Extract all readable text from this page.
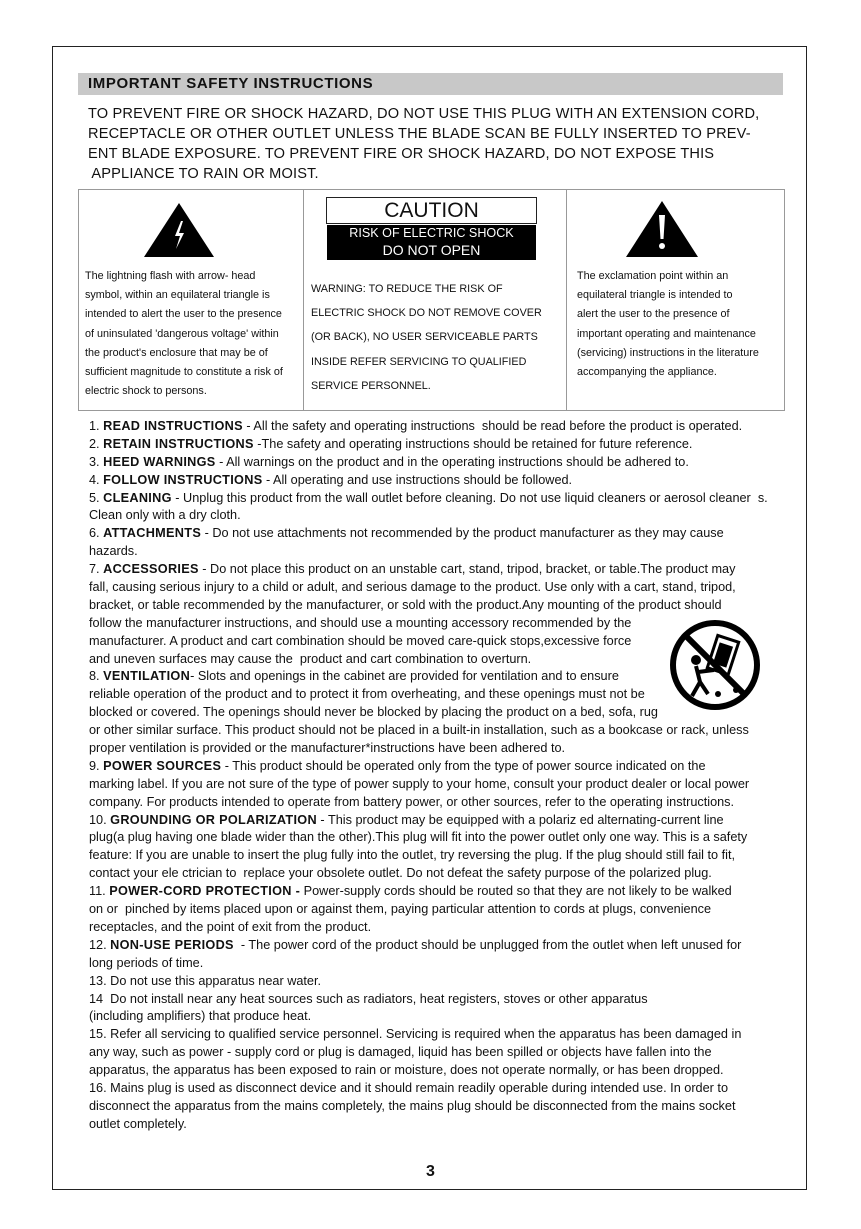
IMPORTANT SAFETY INSTRUCTIONS
TO PREVENT FIRE OR SHOCK HAZARD, DO NOT USE THIS PLUG WITH AN EXTENSION CORD,
RECEPTACLE OR OTHER OUTLET UNLESS THE BLADE SCAN BE FULLY INSERTED TO PREV-
ENT BLADE EXPOSURE. TO PREVENT FIRE OR SHOCK HAZARD, DO NOT EXPOSE THIS
APPLIANCE TO RAIN OR MOIST.
The lightning flash with arrow- head
symbol, within an equilateral triangle is
intended to alert the user to the presence
of uninsulated 'dangerous voltage' within
the product's enclosure that may be of
sufficient magnitude to constitute a risk of
electric shock to persons.
CAUTION
RISK OF ELECTRIC SHOCK
DO NOT OPEN
WARNING: TO REDUCE THE RISK OF
ELECTRIC SHOCK DO NOT REMOVE COVER
(OR BACK), NO USER SERVICEABLE PARTS
INSIDE REFER SERVICING TO QUALIFIED
SERVICE PERSONNEL.
The exclamation point within an
equilateral triangle is intended to
alert the user to the presence of
important operating and maintenance
(servicing) instructions in the literature
accompanying the appliance.
1. READ INSTRUCTIONS - All the safety and operating instructions  should be read before the product is operated.
2. RETAIN INSTRUCTIONS -The safety and operating instructions should be retained for future reference.
3. HEED WARNINGS - All warnings on the product and in the operating instructions should be adhered to.
4. FOLLOW INSTRUCTIONS - All operating and use instructions should be followed.
5. CLEANING - Unplug this product from the wall outlet before cleaning. Do not use liquid cleaners or aerosol cleaner  s.
Clean only with a dry cloth.
6. ATTACHMENTS - Do not use attachments not recommended by the product manufacturer as they may cause
hazards.
7. ACCESSORIES - Do not place this product on an unstable cart, stand, tripod, bracket, or table.The product may
fall, causing serious injury to a child or adult, and serious damage to the product. Use only with a cart, stand, tripod,
bracket, or table recommended by the manufacturer, or sold with the product.Any mounting of the product should
follow the manufacturer instructions, and should use a mounting accessory recommended by the
manufacturer. A product and cart combination should be moved care-quick stops,excessive force
and uneven surfaces may cause the  product and cart combination to overturn.
8. VENTILATION- Slots and openings in the cabinet are provided for ventilation and to ensure
reliable operation of the product and to protect it from overheating, and these openings must not be
blocked or covered. The openings should never be blocked by placing the product on a bed, sofa, rug
or other similar surface. This product should not be placed in a built-in installation, such as a bookcase or rack, unless
proper ventilation is provided or the manufacturer*instructions have been adhered to.
9. POWER SOURCES - This product should be operated only from the type of power source indicated on the
marking label. If you are not sure of the type of power supply to your home, consult your product dealer or local power
company. For products intended to operate from battery power, or other sources, refer to the operating instructions.
10. GROUNDING OR POLARIZATION - This product may be equipped with a polariz ed alternating-current line
plug(a plug having one blade wider than the other).This plug will fit into the power outlet only one way. This is a safety
feature: If you are unable to insert the plug fully into the outlet, try reversing the plug. If the plug should still fail to fit,
contact your ele ctrician to  replace your obsolete outlet. Do not defeat the safety purpose of the polarized plug.
11. POWER-CORD PROTECTION - Power-supply cords should be routed so that they are not likely to be walked
on or  pinched by items placed upon or against them, paying particular attention to cords at plugs, convenience
receptacles, and the point of exit from the product.
12. NON-USE PERIODS  - The power cord of the product should be unplugged from the outlet when left unused for
long periods of time.
13. Do not use this apparatus near water.
14  Do not install near any heat sources such as radiators, heat registers, stoves or other apparatus
(including amplifiers) that produce heat.
15. Refer all servicing to qualified service personnel. Servicing is required when the apparatus has been damaged in
any way, such as power - supply cord or plug is damaged, liquid has been spilled or objects have fallen into the
apparatus, the apparatus has been exposed to rain or moisture, does not operate normally, or has been dropped.
16. Mains plug is used as disconnect device and it should remain readily operable during intended use. In order to
disconnect the apparatus from the mains completely, the mains plug should be disconnected from the mains socket
outlet completely.
3
